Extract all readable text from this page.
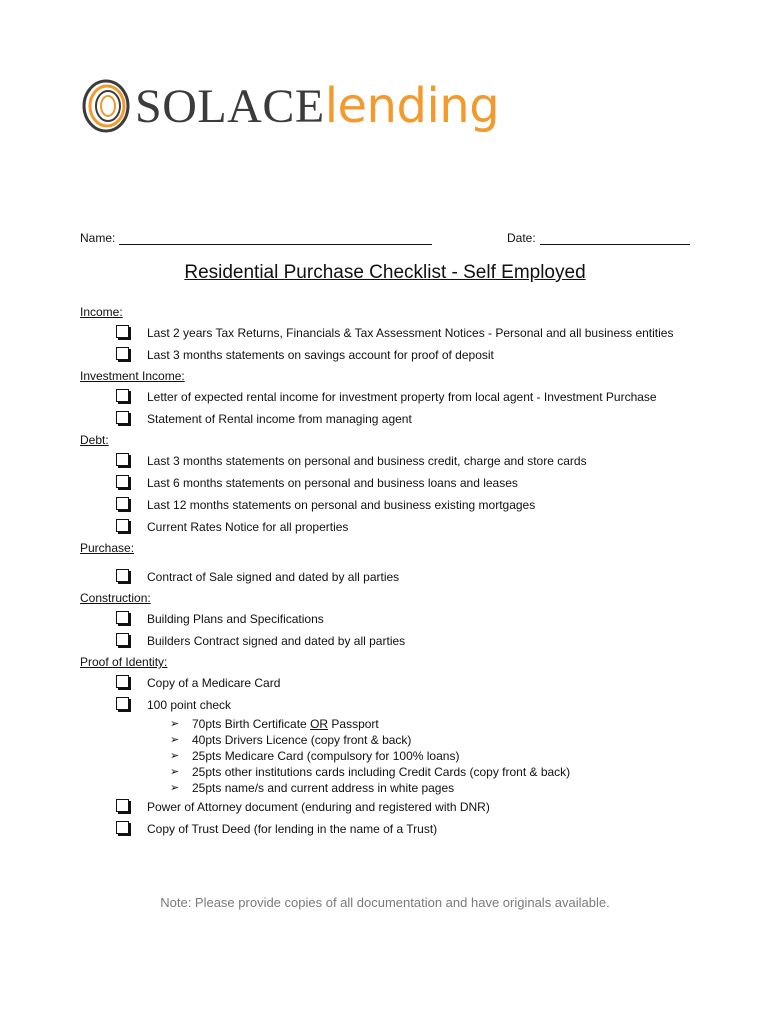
SOLACElending
Name:	Date:
Residential Purchase Checklist - Self Employed
Income:
Last 2 years Tax Returns, Financials & Tax Assessment Notices - Personal and all business entities
Last 3 months statements on savings account for proof of deposit
Investment Income:
Letter of expected rental income for investment property from local agent - Investment Purchase
Statement of Rental income from managing agent
Debt:
Last 3 months statements on personal and business credit, charge and store cards
Last 6 months statements on personal and business loans and leases
Last 12 months statements on personal and business existing mortgages
Current Rates Notice for all properties
Purchase:
Contract of Sale signed and dated by all parties
Construction:
Building Plans and Specifications
Builders Contract signed and dated by all parties
Proof of Identity:
Copy of a Medicare Card
100 point check
➢ 70pts Birth Certificate OR Passport
➢ 40pts Drivers Licence (copy front & back)
➢ 25pts Medicare Card (compulsory for 100% loans)
➢ 25pts other institutions cards including Credit Cards (copy front & back)
➢ 25pts name/s and current address in white pages
Power of Attorney document (enduring and registered with DNR)
Copy of Trust Deed (for lending in the name of a Trust)
Note: Please provide copies of all documentation and have originals available.
